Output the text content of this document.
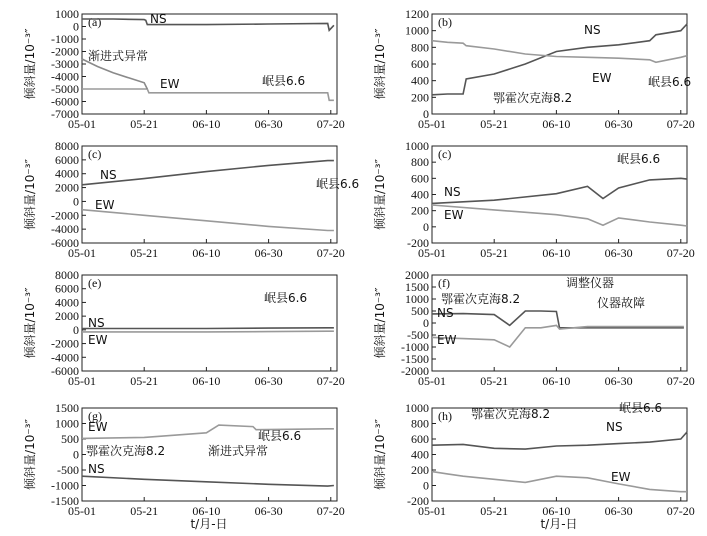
(a)
1000
0
-1000
-2000
-3000
-4000
-5000
-6000
-7000
05-01	05-21	06-10	06-30	07-20
倾斜量/10⁻³″
NS
渐进式异常
EW	岷县6.6
(b)
1200
1000
800
600
400
200
0
05-01	05-21	06-10	06-30	07-20
倾斜量/10⁻³″	NS
EW
鄂霍次克海8.2
岷县6.6
(c)
8000
6000
4000
2000
0
-2000
-4000
-6000
05-01	05-21	06-10	06-30	07-20
倾斜量/10⁻³″	NS
EW
岷县6.6
(c)
1000
800
600
400
200
0
-200
05-01	05-21	06-10	06-30	07-20
倾斜量/10⁻³″	NS
EW
岷县6.6
(e)
8000
6000
4000
2000
0
-2000
-4000
-6000
05-01	05-21	06-10	06-30	07-20
倾斜量/10⁻³″	NS
EW
岷县6.6
(f)
2000
1500
1000
500
0
-500
-1000
-1500
-2000
05-01	05-21	06-10	06-30	07-20
倾斜量/10⁻³″	NS
EW
鄂霍次克海8.2
调整仪器
仪器故障
(g)
1500
1000
500
0
-500
-1000
-1500
05-01	05-21	06-10	06-30	07-20
倾斜量/10⁻³″	EW
NS
鄂霍次克海8.2	渐进式异常
岷县6.6
(h)
1000
800
600
400
200
0
-200
05-01	05-21	06-10	06-30	07-20
倾斜量/10⁻³″	NS
EW
鄂霍次克海8.2	岷县6.6
t/月-日	t/月-日
